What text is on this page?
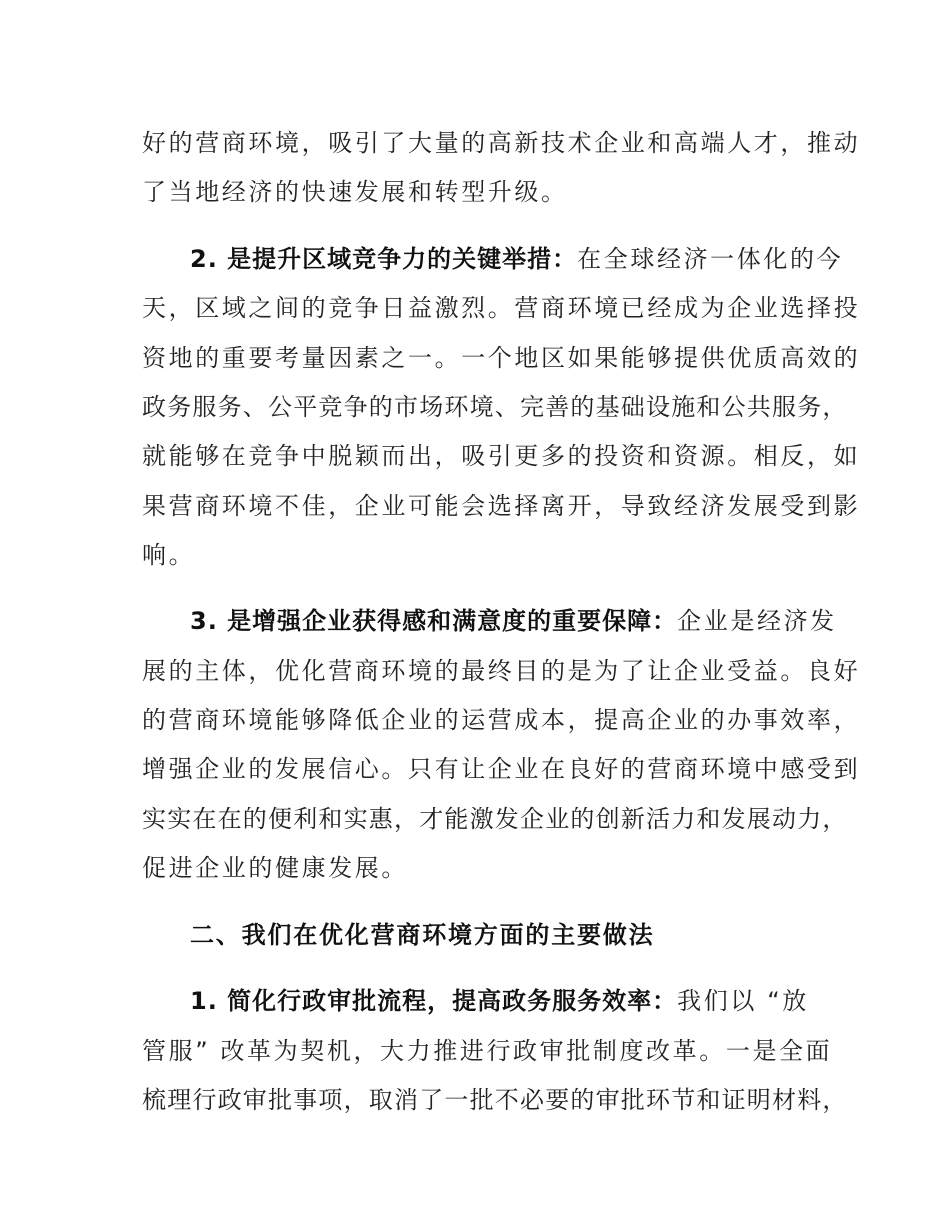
好的营商环境，吸引了大量的高新技术企业和高端人才，推动
了当地经济的快速发展和转型升级。
2. 是提升区域竞争力的关键举措：在全球经济一体化的今
天，区域之间的竞争日益激烈。营商环境已经成为企业选择投
资地的重要考量因素之一。一个地区如果能够提供优质高效的
政务服务、公平竞争的市场环境、完善的基础设施和公共服务，
就能够在竞争中脱颖而出，吸引更多的投资和资源。相反，如
果营商环境不佳，企业可能会选择离开，导致经济发展受到影
响。
3. 是增强企业获得感和满意度的重要保障：企业是经济发
展的主体，优化营商环境的最终目的是为了让企业受益。良好
的营商环境能够降低企业的运营成本，提高企业的办事效率，
增强企业的发展信心。只有让企业在良好的营商环境中感受到
实实在在的便利和实惠，才能激发企业的创新活力和发展动力，
促进企业的健康发展。
二、我们在优化营商环境方面的主要做法
1. 简化行政审批流程，提高政务服务效率：我们以 “放
管服” 改革为契机，大力推进行政审批制度改革。一是全面
梳理行政审批事项，取消了一批不必要的审批环节和证明材料，
